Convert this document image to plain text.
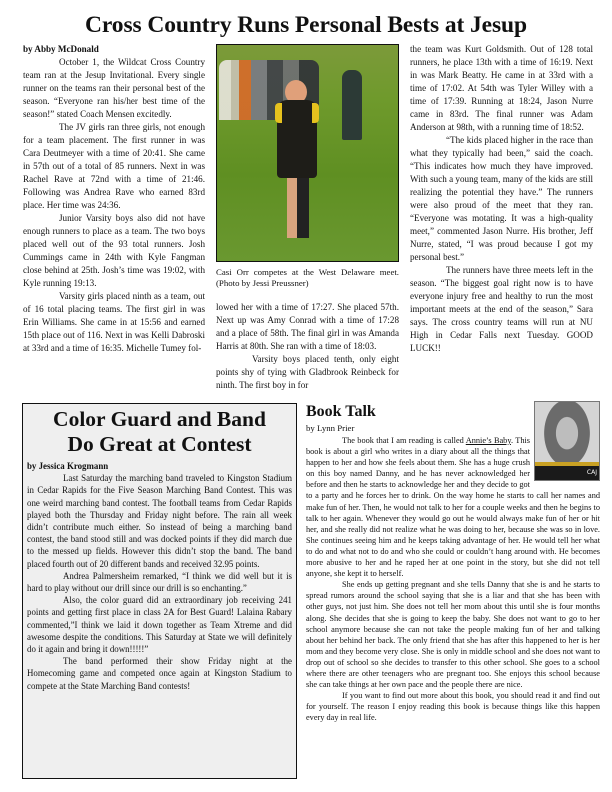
Cross Country Runs Personal Bests at Jesup

by Abby McDonald

October 1, the Wildcat Cross Country team ran at the Jesup Invitational. Every single runner on the teams ran their personal best of the season. “Everyone ran his/her best time of the season!” stated Coach Mensen excitedly.

The JV girls ran three girls, not enough for a team placement. The first runner in was Cara Deutmeyer with a time of 20:41. She came in 57th out of a total of 85 runners. Next in was Rachel Rave at 72nd with a time of 21:46. Following was Andrea Rave who earned 83rd place. Her time was 24:36.

Junior Varsity boys also did not have enough runners to place as a team. The two boys placed well out of the 93 total runners. Josh Cummings came in 24th with Kyle Fangman close behind at 25th. Josh’s time was 19:02, with Kyle running 19:13.

Varsity girls placed ninth as a team, out of 16 total placing teams. The first girl in was Erin Williams. She came in at 15:56 and earned 15th place out of 116. Next in was Kelli Dabroski at 33rd and a time of 16:35. Michelle Tumey fol-

Casi Orr competes at the West Delaware meet. (Photo by Jessi Preussner)

lowed her with a time of 17:27. She placed 57th. Next up was Amy Conrad with a time of 17:28 and a place of 58th. The final girl in was Amanda Harris at 80th. She ran with a time of 18:03.

Varsity boys placed tenth, only eight points shy of tying with Gladbrook Reinbeck for ninth. The first boy in for

the team was Kurt Goldsmith. Out of 128 total runners, he place 13th with a time of 16:19. Next in was Mark Beatty. He came in at 33rd with a time of 17:02. At 54th was Tyler Willey with a time of 17:39. Running at 18:24, Jason Nurre came in 83rd. The final runner was Adam Anderson at 98th, with a running time of 18:52.

“The kids placed higher in the race than what they typically had been,” said the coach. “This indicates how much they have improved. With such a young team, many of the kids are still realizing the potential they have.” The runners were also proud of the meet that they ran. “Everyone was motating. It was a high-quality meet,” commented Jason Nurre. His brother, Jeff Nurre, stated, “I was proud because I got my personal best.”

The runners have three meets left in the season. “The biggest goal right now is to have everyone injury free and healthy to run the most important meets at the end of the season,” Sara says. The cross country teams will run at NU High in Cedar Falls next Tuesday. GOOD LUCK!!

Color Guard and Band
Do Great at Contest

by Jessica Krogmann

Last Saturday the marching band traveled to Kingston Stadium in Cedar Rapids for the Five Season Marching Band Contest. This was one weird marching band contest. The football teams from Cedar Rapids played both the Thursday and Friday night before. The rain all week didn’t contribute much either. So instead of being a marching band contest, the band stood still and was docked points if they did march due to the messed up fields. However this didn’t stop the band. The band placed fourth out of 20 different bands and received 32.95 points.

Andrea Palmersheim remarked, “I think we did well but it is hard to play without our drill since our drill is so enchanting.”

Also, the color guard did an extraordinary job receiving 241 points and getting first place in class 2A for Best Guard! Lalaina Rabary commented,”I think we laid it down together as Team Xtreme and did awesome despite the conditions. This Saturday at State we will definitely do it again and bring it down!!!!!”

The band performed their show Friday night at the Homecoming game and competed once again at Kingston Stadium to compete at the State Marching Band contests!

Book Talk
by Lynn Prier
CAJ

The book that I am reading is called Annie’s Baby. This book is about a girl who writes in a diary about all the things that happen to her and how she feels about them. She has a huge crush on this boy named Danny, and he has never acknowledged her before and then he starts to acknowledge her and they decide to got to a party and he forces her to drink. On the way home he starts to call her names and make fun of her. Then, he would not talk to her for a couple weeks and then he begins to talk to her again. Whenever they would go out he would always make fun of her or hit her, and she really did not realize what he was doing to her, because she was so in love. She continues seeing him and he keeps taking advantage of her. He would tell her what to do and what not to do and who she could or couldn’t hang around with. He becomes more abusive to her and he raped her at one point in the story, but she did not tell anyone, she kept it to herself.

She ends up getting pregnant and she tells Danny that she is and he starts to spread rumors around the school saying that she is a liar and that she has been with other guys, not just him. She does not tell her mom about this until she is four months along. She decides that she is going to keep the baby. She does not want to go to her school anymore because she can not take the people making fun of her and talking about her behind her back. The only friend that she has after this happened to her is her mom and they become very close. She is only in middle school and she does not want to drop out of school so she decides to transfer to this other school. She goes to a school where there are other teenagers who are pregnant too. She enjoys this school because she can take things at her own pace and the people there are nice.

If you want to find out more about this book, you should read it and find out for yourself. The reason I enjoy reading this book is because things like this happen every day in real life.
